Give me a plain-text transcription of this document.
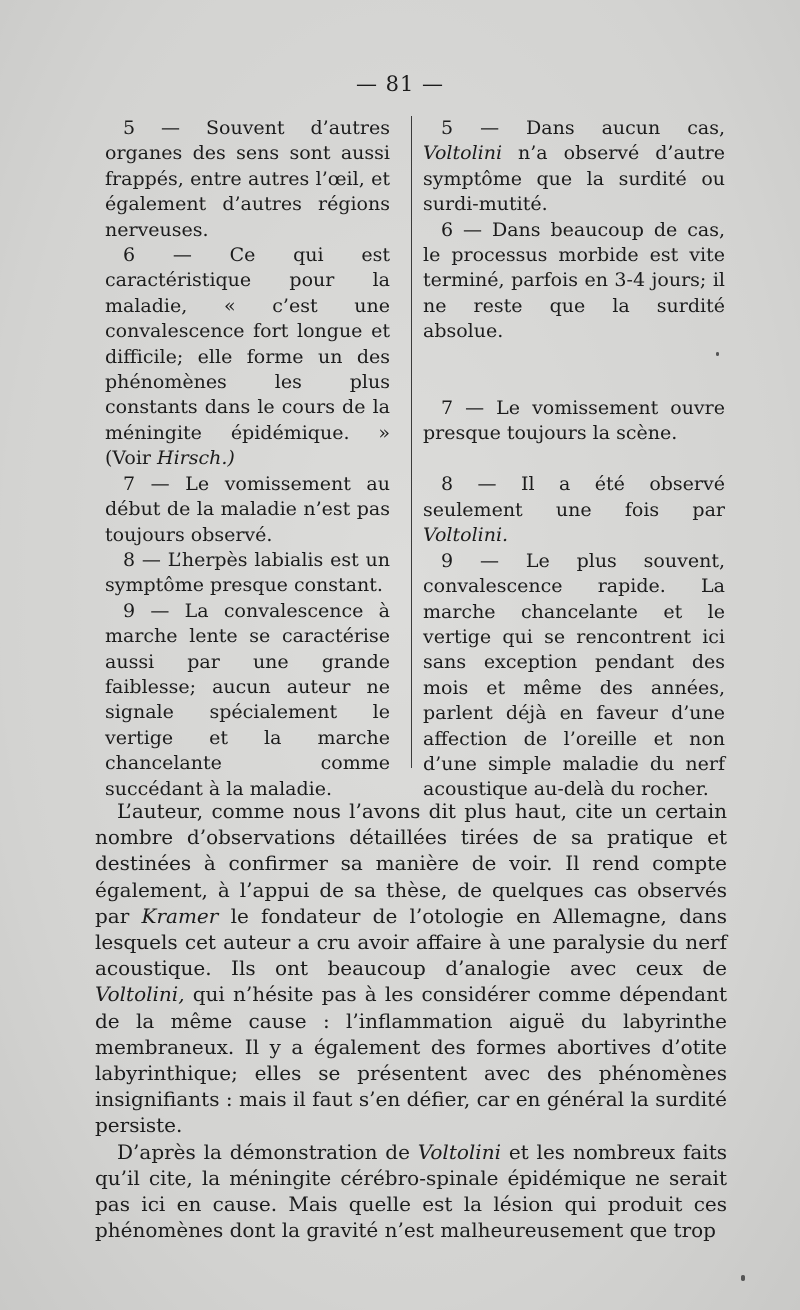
— 81 —

5 — Souvent d’autres organes des sens sont aussi frappés, entre autres l’œil, et également d’autres régions nerveuses.

6 — Ce qui est caractéristique pour la maladie, « c’est une convalescence fort longue et difficile; elle forme un des phénomènes les plus constants dans le cours de la méningite épidémique. » (Voir Hirsch.)

7 — Le vomissement au début de la maladie n’est pas toujours observé.

8 — L’herpès labialis est un symptôme presque constant.

9 — La convalescence à marche lente se caractérise aussi par une grande faiblesse; aucun auteur ne signale spécialement le vertige et la marche chancelante comme succédant à la maladie.

5 — Dans aucun cas, Voltolini n’a observé d’autre symptôme que la surdité ou surdi-mutité.

6 — Dans beaucoup de cas, le processus morbide est vite terminé, parfois en 3-4 jours; il ne reste que la surdité absolue.

7 — Le vomissement ouvre presque toujours la scène.

8 — Il a été observé seulement une fois par Voltolini.

9 — Le plus souvent, convalescence rapide. La marche chancelante et le vertige qui se rencontrent ici sans exception pendant des mois et même des années, parlent déjà en faveur d’une affection de l’oreille et non d’une simple maladie du nerf acoustique au-delà du rocher.

L’auteur, comme nous l’avons dit plus haut, cite un certain nombre d’observations détaillées tirées de sa pratique et destinées à confirmer sa manière de voir. Il rend compte également, à l’appui de sa thèse, de quelques cas observés par Kramer le fondateur de l’otologie en Allemagne, dans lesquels cet auteur a cru avoir affaire à une paralysie du nerf acoustique. Ils ont beaucoup d’analogie avec ceux de Voltolini, qui n’hésite pas à les considérer comme dépendant de la même cause : l’inflammation aiguë du labyrinthe membraneux. Il y a également des formes abortives d’otite labyrinthique; elles se présentent avec des phénomènes insignifiants : mais il faut s’en défier, car en général la surdité persiste.

D’après la démonstration de Voltolini et les nombreux faits qu’il cite, la méningite cérébro-spinale épidémique ne serait pas ici en cause. Mais quelle est la lésion qui produit ces phénomènes dont la gravité n’est malheureusement que trop
